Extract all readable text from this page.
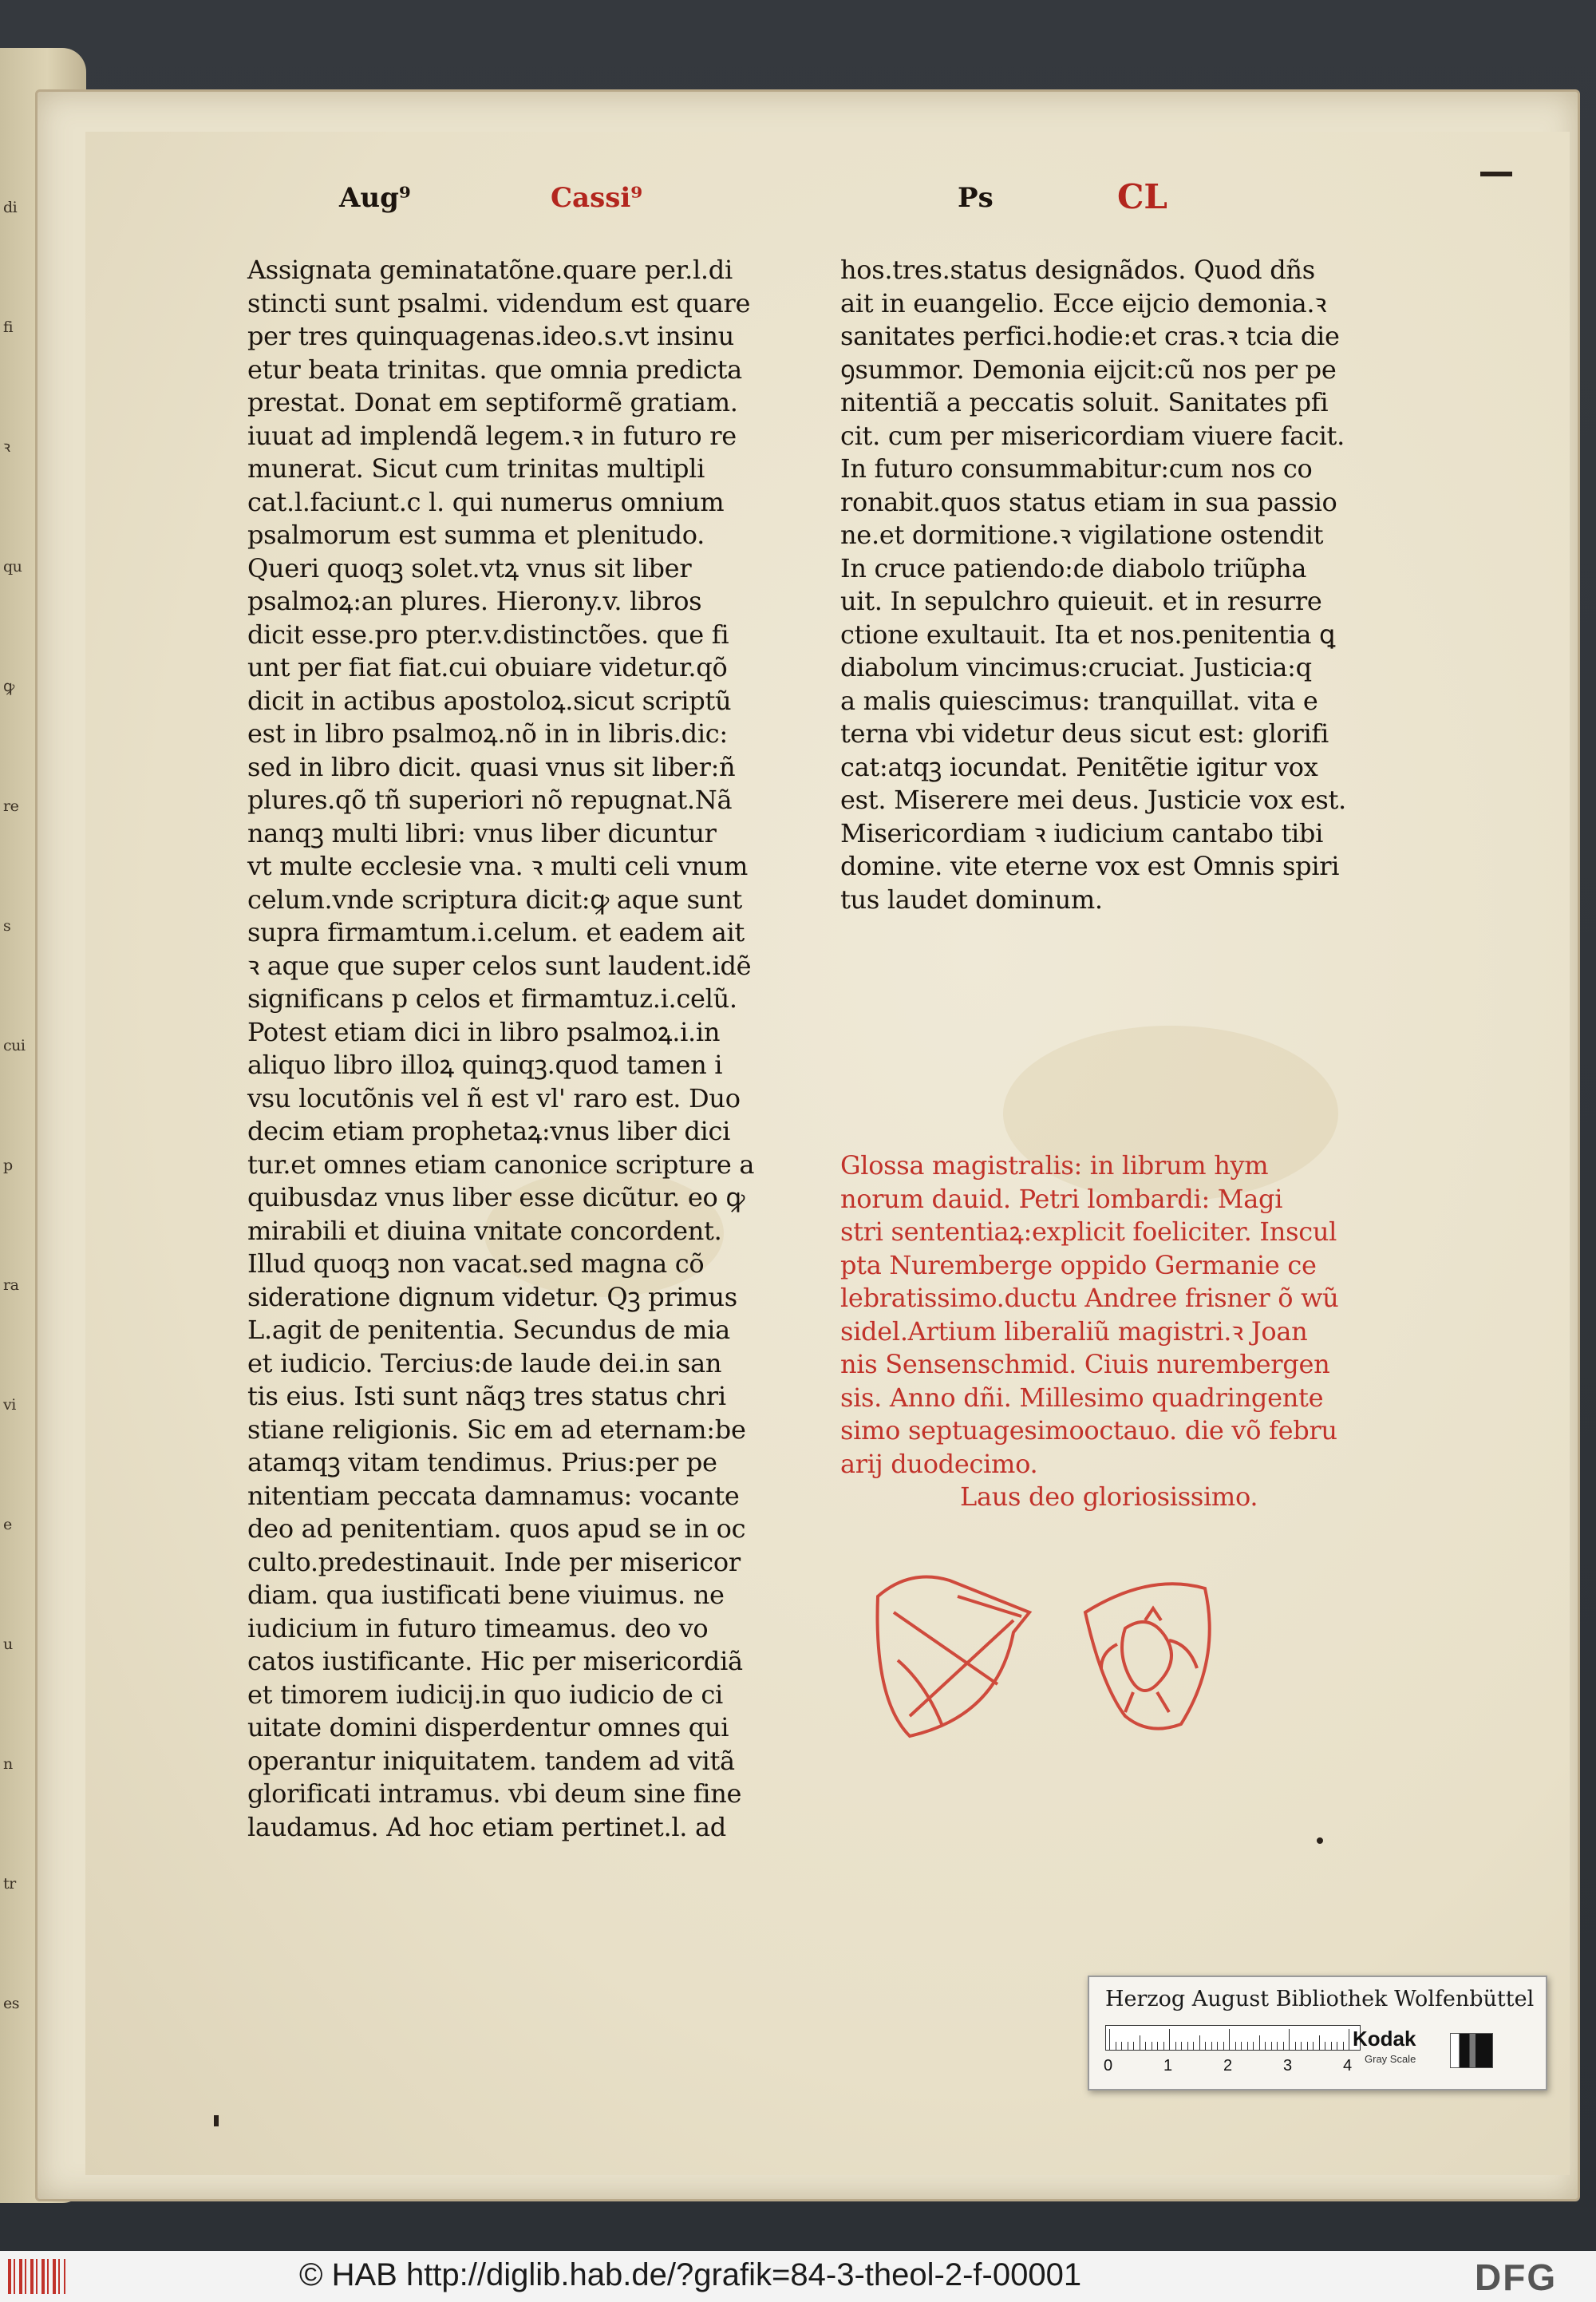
di
fi
ꝛ
qu
ꝙ
re
s
cui
p
ra
vi
e
u
n
tr
es
Aug⁹	Cassi⁹	Ps	CL
Assignata geminatatõne.quare per.l.di
stincti sunt psalmi. videndum est quare
per tres quinquagenas.ideo.s.vt insinu
etur beata trinitas. que omnia predicta
prestat. Donat em septiformẽ gratiam.
iuuat ad implendã legem.ꝛ in futuro re
munerat. Sicut cum trinitas multipli
cat.l.faciunt.c l. qui numerus omnium
psalmorum est summa et plenitudo.
Queri quoqꝫ solet.vtꝝ vnus sit liber
psalmoꝝ:an plures. Hierony.v. libros
dicit esse.pro pter.v.distinctões. que fi
unt per fiat fiat.cui obuiare videtur.qõ
dicit in actibus apostoloꝝ.sicut scriptũ
est in libro psalmoꝝ.nõ in in libris.dic:
sed in libro dicit. quasi vnus sit liber:ñ
plures.qõ tñ superiori nõ repugnat.Nã
nanqꝫ multi libri: vnus liber dicuntur
vt multe ecclesie vna. ꝛ multi celi vnum
celum.vnde scriptura dicit:ꝙ aque sunt
supra firmamtum.i.celum. et eadem ait
ꝛ aque que super celos sunt laudent.idẽ
significans p celos et firmamtuz.i.celũ.
Potest etiam dici in libro psalmoꝝ.i.in
aliquo libro illoꝝ quinqꝫ.quod tamen i
vsu locutõnis vel ñ est vl' raro est. Duo
decim etiam prophetaꝝ:vnus liber dici
tur.et omnes etiam canonice scripture a
quibusdaz vnus liber esse dicũtur. eo ꝙ
mirabili et diuina vnitate concordent.
Illud quoqꝫ non vacat.sed magna cõ
sideratione dignum videtur. Qꝫ primus
L.agit de penitentia. Secundus de mia
et iudicio. Tercius:de laude dei.in san
tis eius. Isti sunt nãqꝫ tres status chri
stiane religionis. Sic em ad eternam:be
atamqꝫ vitam tendimus. Prius:per pe
nitentiam peccata damnamus: vocante
deo ad penitentiam. quos apud se in oc
culto.predestinauit. Inde per misericor
diam. qua iustificati bene viuimus. ne
iudicium in futuro timeamus. deo vo
catos iustificante. Hic per misericordiã
et timorem iudicij.in quo iudicio de ci
uitate domini disperdentur omnes qui
operantur iniquitatem. tandem ad vitã
glorificati intramus. vbi deum sine fine
laudamus. Ad hoc etiam pertinet.l. ad
hos.tres.status designãdos. Quod dñs
ait in euangelio. Ecce eijcio demonia.ꝛ
sanitates perfici.hodie:et cras.ꝛ tcia die
ꝯsummor. Demonia eijcit:cũ nos per pe
nitentiã a peccatis soluit. Sanitates pfi
cit. cum per misericordiam viuere facit.
In futuro consummabitur:cum nos co
ronabit.quos status etiam in sua passio
ne.et dormitione.ꝛ vigilatione ostendit
In cruce patiendo:de diabolo triũpha
uit. In sepulchro quieuit. et in resurre
ctione exultauit. Ita et nos.penitentia ꝗ
diabolum vincimus:cruciat. Justicia:q
a malis quiescimus: tranquillat. vita e
terna vbi videtur deus sicut est: glorifi
cat:atqꝫ iocundat. Penitẽtie igitur vox
est. Miserere mei deus. Justicie vox est.
Misericordiam ꝛ iudicium cantabo tibi
domine. vite eterne vox est Omnis spiri
tus laudet dominum.
Glossa magistralis: in librum hym
norum dauid. Petri lombardi: Magi
stri sententiaꝝ:explicit foeliciter. Inscul
pta Nuremberge oppido Germanie ce
lebratissimo.ductu Andree frisner õ wũ
sidel.Artium liberaliũ magistri.ꝛ Joan
nis Sensenschmid. Ciuis nurembergen
sis. Anno dñi. Millesimo quadringente
simo septuagesimooctauo. die võ febru
arij duodecimo.
Laus deo gloriosissimo.
Herzog August Bibliothek Wolfenbüttel
Kodak
Gray Scale
0	1	2	3	4
© HAB http://diglib.hab.de/?grafik=84-3-theol-2-f-00001	DFG
